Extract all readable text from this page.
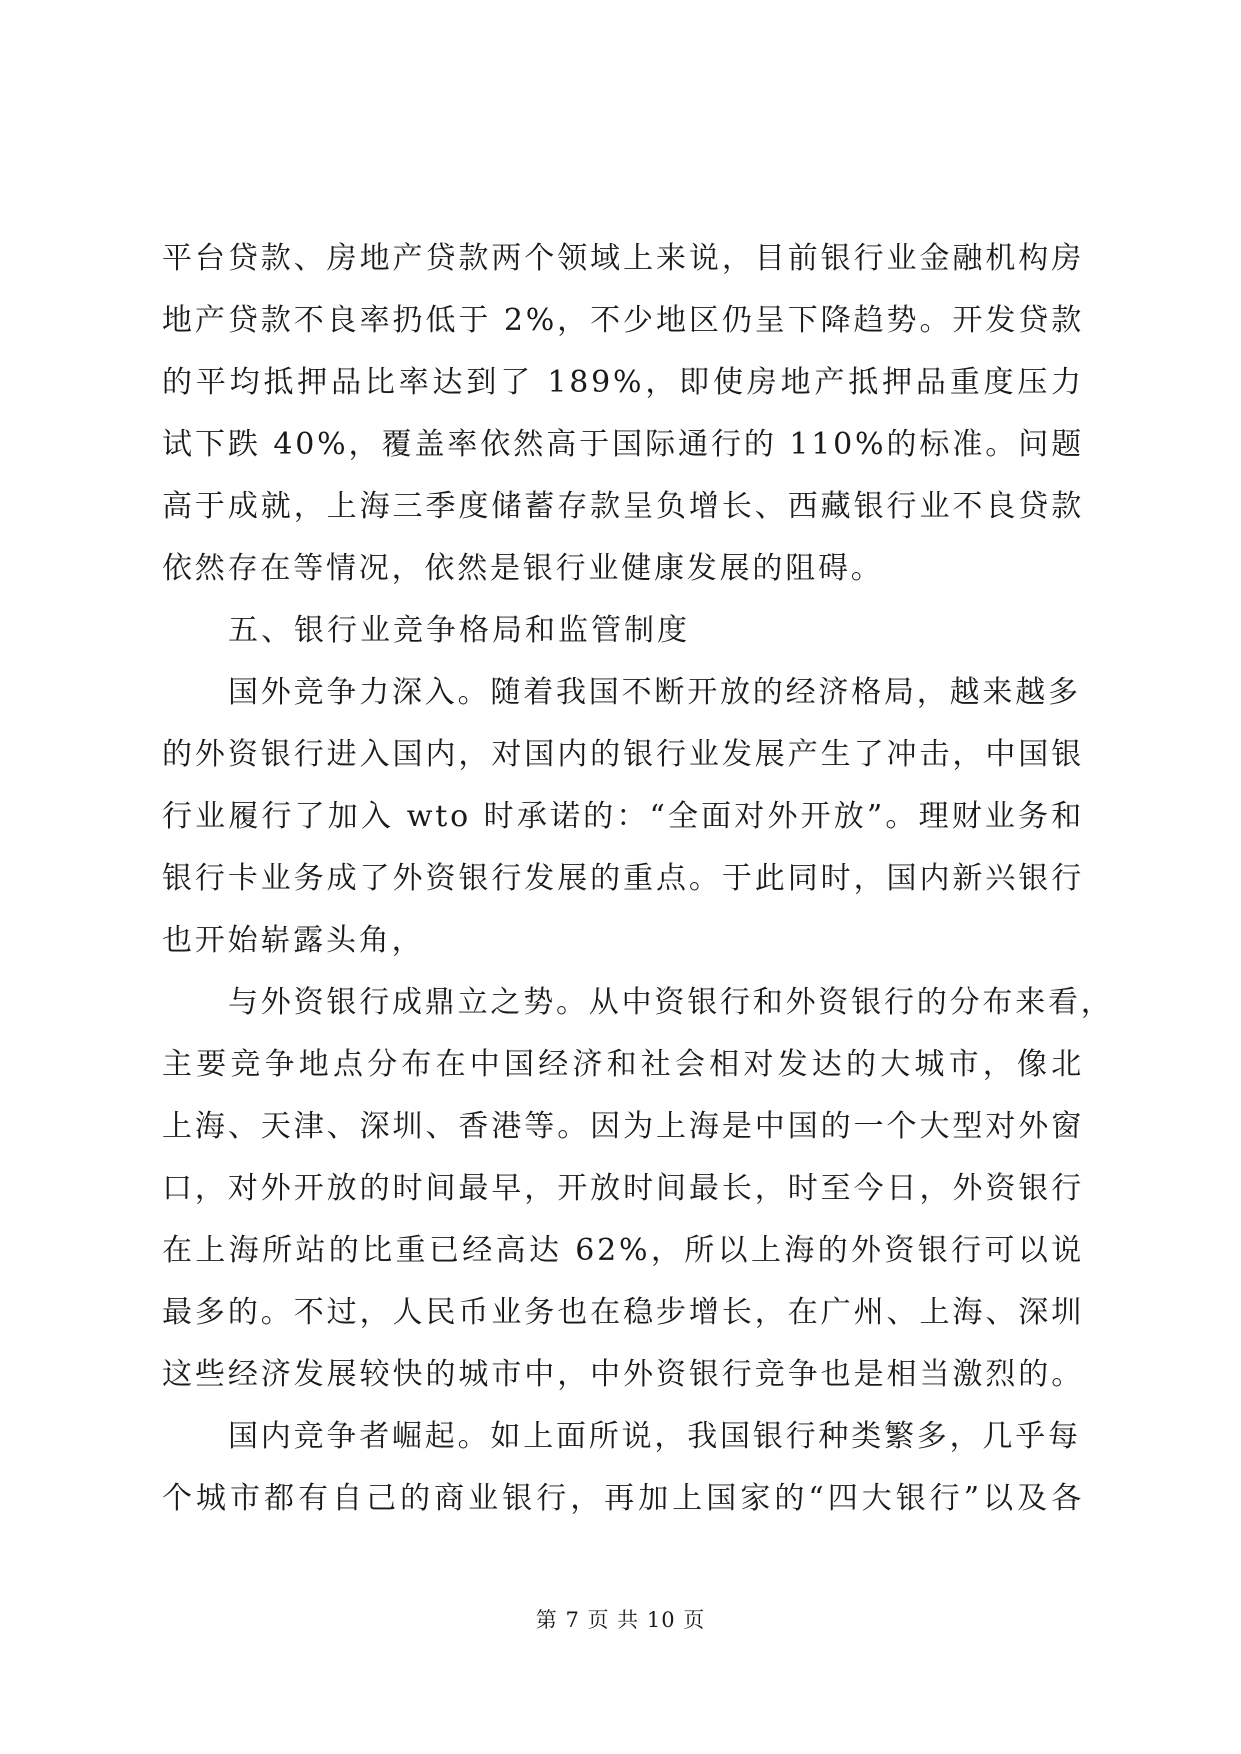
平台贷款、房地产贷款两个领域上来说，目前银行业金融机构房
地产贷款不良率扔低于 2%，不少地区仍呈下降趋势。开发贷款
的平均抵押品比率达到了 189%，即使房地产抵押品重度压力
试下跌 40%，覆盖率依然高于国际通行的 110%的标准。问题
高于成就，上海三季度储蓄存款呈负增长、西藏银行业不良贷款
依然存在等情况，依然是银行业健康发展的阻碍。
五、银行业竞争格局和监管制度
国外竞争力深入。随着我国不断开放的经济格局，越来越多
的外资银行进入国内，对国内的银行业发展产生了冲击，中国银
行业履行了加入 wto 时承诺的：“全面对外开放”。理财业务和
银行卡业务成了外资银行发展的重点。于此同时，国内新兴银行
也开始崭露头角，
与外资银行成鼎立之势。从中资银行和外资银行的分布来看，
主要竞争地点分布在中国经济和社会相对发达的大城市，像北
上海、天津、深圳、香港等。因为上海是中国的一个大型对外窗
口，对外开放的时间最早，开放时间最长，时至今日，外资银行
在上海所站的比重已经高达 62%，所以上海的外资银行可以说
最多的。不过，人民币业务也在稳步增长，在广州、上海、深圳
这些经济发展较快的城市中，中外资银行竞争也是相当激烈的。
国内竞争者崛起。如上面所说，我国银行种类繁多，几乎每
个城市都有自己的商业银行，再加上国家的“四大银行”以及各
第 7 页 共 10 页
